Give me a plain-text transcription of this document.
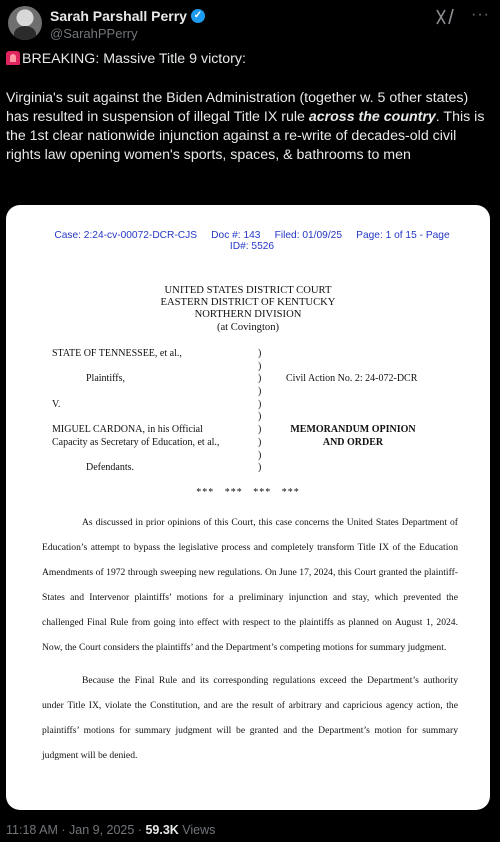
Sarah Parshall Perry ✓
@SarahPPerry
···

BREAKING: Massive Title 9 victory:

Virginia's suit against the Biden Administration (together w. 5 other states) has resulted in suspension of illegal Title IX rule across the country. This is the 1st clear nationwide injunction against a re-write of decades-old civil rights law opening women's sports, spaces, & bathrooms to men

Case: 2:24-cv-00072-DCR-CJS     Doc #: 143     Filed: 01/09/25     Page: 1 of 15 - Page
ID#: 5526
UNITED STATES DISTRICT COURT
EASTERN DISTRICT OF KENTUCKY
NORTHERN DIVISION
(at Covington)
STATE OF TENNESSEE, et al.,	)
)
Plaintiffs,	) Civil Action No. 2: 24-072-DCR
)
V.	)
)
MIGUEL CARDONA, in his Official	)	MEMORANDUM OPINION
Capacity as Secretary of Education, et al.,	)	AND ORDER
)
Defendants.	)
***   ***   ***   ***

As discussed in prior opinions of this Court, this case concerns the United States Department of Education’s attempt to bypass the legislative process and completely transform Title IX of the Education Amendments of 1972 through sweeping new regulations. On June 17, 2024, this Court granted the plaintiff-States and Intervenor plaintiffs’ motions for a preliminary injunction and stay, which prevented the challenged Final Rule from going into effect with respect to the plaintiffs as planned on August 1, 2024. Now, the Court considers the plaintiffs’ and the Department’s competing motions for summary judgment.

Because the Final Rule and its corresponding regulations exceed the Department’s authority under Title IX, violate the Constitution, and are the result of arbitrary and capricious agency action, the plaintiffs’ motions for summary judgment will be granted and the Department’s motion for summary judgment will be denied.

11:18 AM · Jan 9, 2025 · 59.3K Views
